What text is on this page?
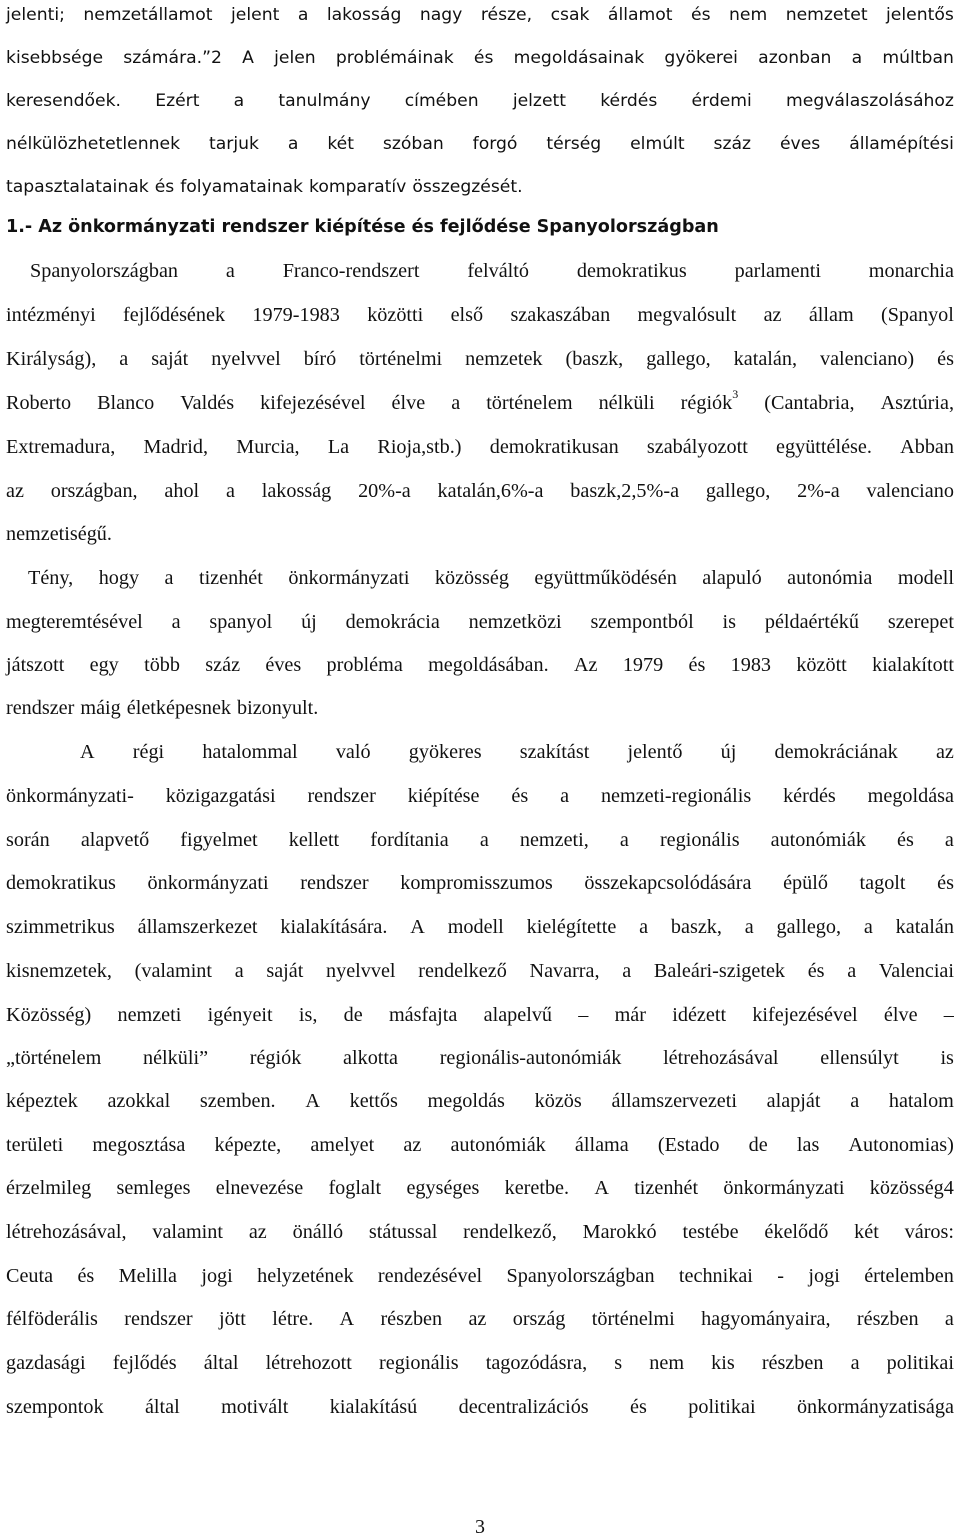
jelenti; nemzetállamot jelent a lakosság nagy része, csak államot és nem nemzetet jelentős
kisebbsége számára.”2 A jelen problémáinak és megoldásainak gyökerei azonban a múltban
keresendőek. Ezért a tanulmány címében jelzett kérdés érdemi megválaszolásához
nélkülözhetetlennek tarjuk a két szóban forgó térség elmúlt száz éves államépítési
tapasztalatainak és folyamatainak komparatív összegzését.
1.- Az önkormányzati rendszer kiépítése és fejlődése Spanyolországban
Spanyolországban a Franco-rendszert felváltó demokratikus parlamenti monarchia
intézményi fejlődésének 1979-1983 közötti első szakaszában megvalósult az állam (Spanyol
Királyság), a saját nyelvvel bíró történelmi nemzetek (baszk, gallego, katalán, valenciano) és
Roberto Blanco Valdés kifejezésével élve a történelem nélküli régiók$^3$ (Cantabria, Asztúria,
Extremadura, Madrid, Murcia, La Rioja,stb.) demokratikusan szabályozott együttélése. Abban
az országban, ahol a lakosság 20%-a katalán,6%-a baszk,2,5%-a gallego, 2%-a valenciano
nemzetiségű.
Tény, hogy a tizenhét önkormányzati közösség együttműködésén alapuló autonómia modell
megteremtésével a spanyol új demokrácia nemzetközi szempontból is példaértékű szerepet
játszott egy több száz éves probléma megoldásában. Az 1979 és 1983 között kialakított
rendszer máig életképesnek bizonyult.
A régi hatalommal való gyökeres szakítást jelentő új demokráciának az
önkormányzati- közigazgatási rendszer kiépítése és a nemzeti-regionális kérdés megoldása
során alapvető figyelmet kellett fordítania a nemzeti, a regionális autonómiák és a
demokratikus önkormányzati rendszer kompromisszumos összekapcsolódására épülő tagolt és
szimmetrikus államszerkezet kialakítására. A modell kielégítette a baszk, a gallego, a katalán
kisnemzetek, (valamint a saját nyelvvel rendelkező Navarra, a Baleári-szigetek és a Valenciai
Közösség) nemzeti igényeit is, de másfajta alapelvű – már idézett kifejezésével élve –
„történelem nélküli” régiók alkotta regionális-autonómiák létrehozásával ellensúlyt is
képeztek azokkal szemben. A kettős megoldás közös államszervezeti alapját a hatalom
területi megosztása képezte, amelyet az autonómiák állama (Estado de las Autonomias)
érzelmileg semleges elnevezése foglalt egységes keretbe. A tizenhét önkormányzati közösség4
létrehozásával, valamint az önálló státussal rendelkező, Marokkó testébe ékelődő két város:
Ceuta és Melilla jogi helyzetének rendezésével Spanyolországban technikai - jogi értelemben
félföderális rendszer jött létre. A részben az ország történelmi hagyományaira, részben a
gazdasági fejlődés által létrehozott regionális tagozódásra, s nem kis részben a politikai
szempontok által motivált kialakítású decentralizációs és politikai önkormányzatisága
3
